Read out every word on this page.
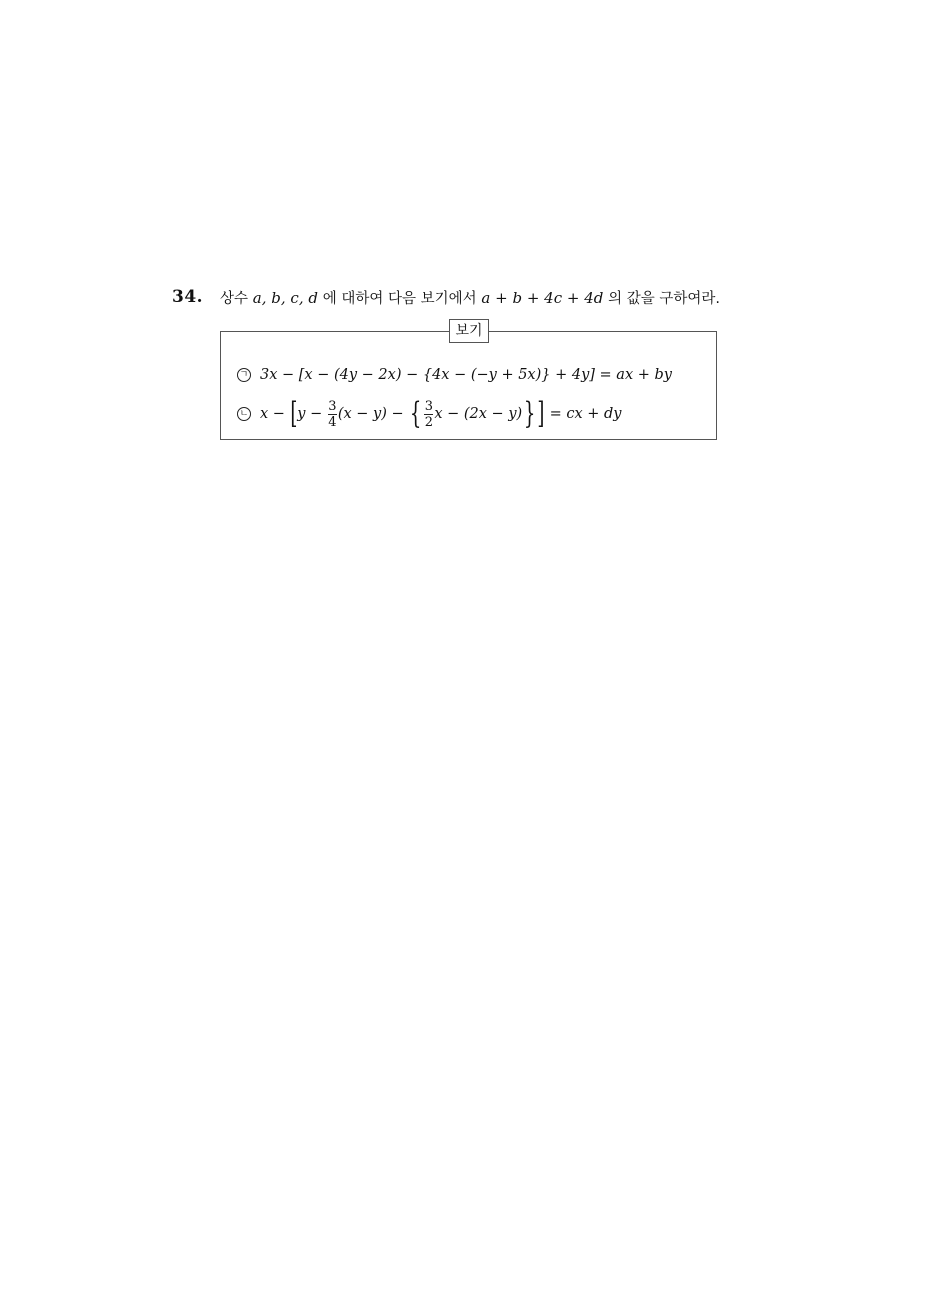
34. 상수 a, b, c, d 에 대하여 다음 보기에서 a + b + 4c + 4d 의 값을 구하여라.
보기
ㄱ 3x − [x − (4y − 2x) − {4x − (−y + 5x)} + 4y] = ax + by
ㄴ x −
[ y −
$\frac{3}{4} (x - y)$ −
{ $\frac{3}{2}$ x − (2x − y) } ]
= cx + dy
